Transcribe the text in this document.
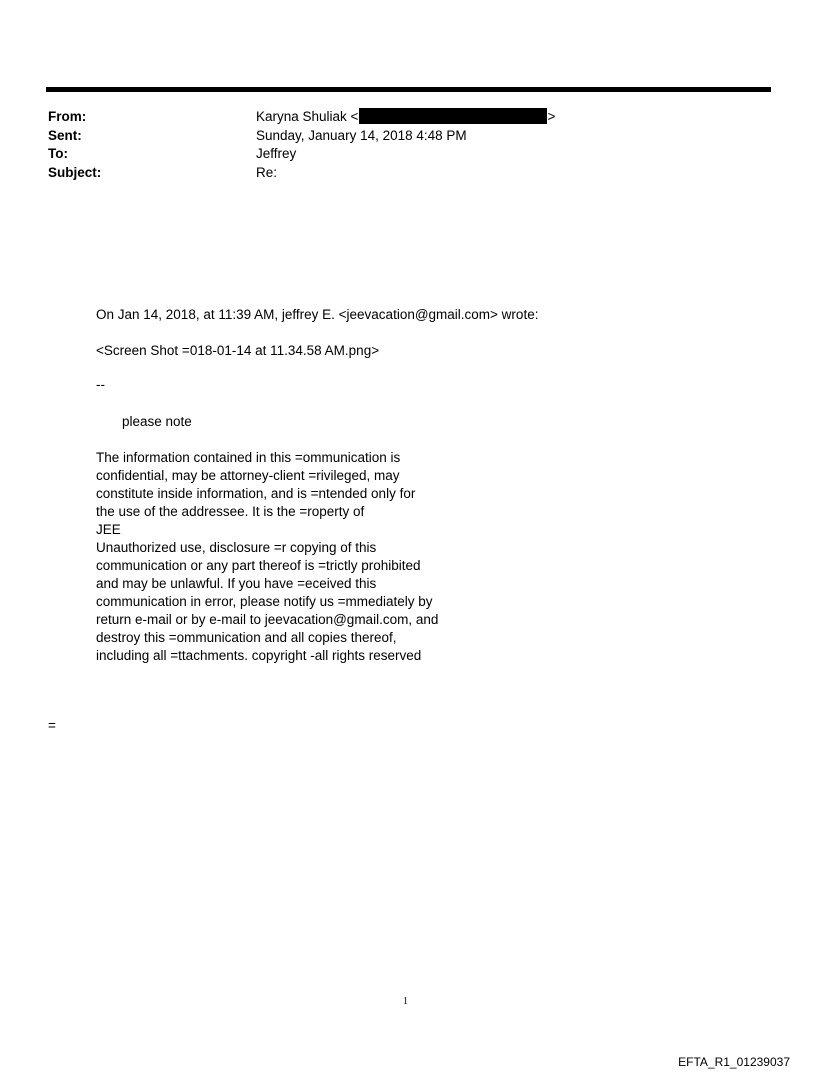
From:	Karyna Shuliak <	>
Sent:	Sunday, January 14, 2018 4:48 PM
To:	Jeffrey
Subject:	Re:
On Jan 14, 2018, at 11:39 AM, jeffrey E. <jeevacation@gmail.com> wrote:
<Screen Shot =018-01-14 at 11.34.58 AM.png>
--
please note
The information contained in this =ommunication is
confidential, may be attorney-client =rivileged, may
constitute inside information, and is =ntended only for
the use of the addressee. It is the =roperty of
JEE
Unauthorized use, disclosure =r copying of this
communication or any part thereof is =trictly prohibited
and may be unlawful. If you have =eceived this
communication in error, please notify us =mmediately by
return e-mail or by e-mail to jeevacation@gmail.com, and
destroy this =ommunication and all copies thereof,
including all =ttachments. copyright -all rights reserved
=
1
EFTA_R1_01239037
